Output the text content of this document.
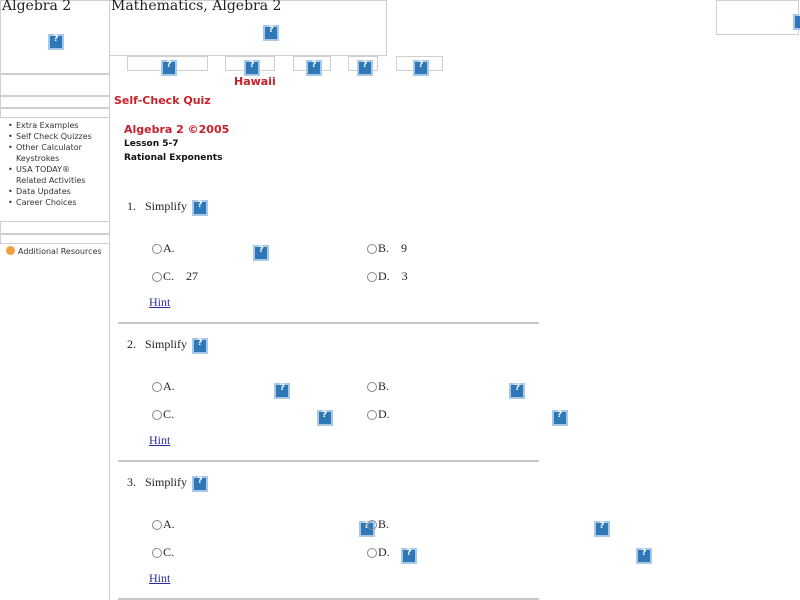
Algebra 2
?	Mathematics, Algebra 2
?
?
?
?
?
?
?
• Extra Examples
• Self Check Quizzes
• Other Calculator
Keystrokes
• USA TODAY®
Related Activities
• Data Updates
• Career Choices
Additional Resources
Hawaii
Self-Check Quiz
Algebra 2 ©2005
Lesson 5-7
Rational Exponents
1. Simplify ?
A. ?	B. 9
C. 27	D. 3
Hint
2. Simplify ?
A. ?	B.
?
C. ?	D.
?
Hint
3. Simplify ?
A. ?	B.
?
C. ?	D.
?
Hint
